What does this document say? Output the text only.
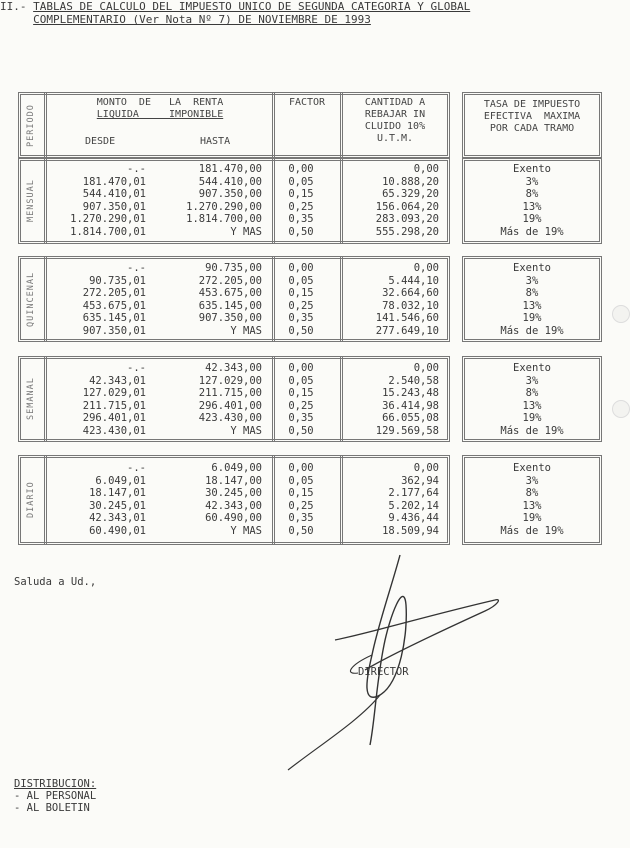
II.- TABLAS DE CALCULO DEL IMPUESTO UNICO DE SEGUNDA CATEGORIA Y GLOBAL
COMPLEMENTARIO (Ver Nota Nº 7) DE NOVIEMBRE DE 1993
PERIODO
MONTO  DE   LA  RENTA
LIQUIDA     IMPONIBLE
DESDE	HASTA
FACTOR	CANTIDAD A
REBAJAR IN
CLUIDO 10%
U.T.M.
TASA DE IMPUESTO
EFECTIVA  MAXIMA
POR CADA TRAMO
MENSUAL
-.-
181.470,01
544.410,01
907.350,01
1.270.290,01
1.814.700,01
181.470,00
544.410,00
907.350,00
1.270.290,00
1.814.700,00
Y MAS
0,00
0,05
0,15
0,25
0,35
0,50
0,00
10.888,20
65.329,20
156.064,20
283.093,20
555.298,20
Exento
3%
8%
13%
19%
Más de 19%
QUINCENAL
-.-
90.735,01
272.205,01
453.675,01
635.145,01
907.350,01
90.735,00
272.205,00
453.675,00
635.145,00
907.350,00
Y MAS
0,00
0,05
0,15
0,25
0,35
0,50
0,00
5.444,10
32.664,60
78.032,10
141.546,60
277.649,10
Exento
3%
8%
13%
19%
Más de 19%
SEMANAL
-.-
42.343,01
127.029,01
211.715,01
296.401,01
423.430,01
42.343,00
127.029,00
211.715,00
296.401,00
423.430,00
Y MAS
0,00
0,05
0,15
0,25
0,35
0,50
0,00
2.540,58
15.243,48
36.414,98
66.055,08
129.569,58
Exento
3%
8%
13%
19%
Más de 19%
DIARIO
-.-
6.049,01
18.147,01
30.245,01
42.343,01
60.490,01
6.049,00
18.147,00
30.245,00
42.343,00
60.490,00
Y MAS
0,00
0,05
0,15
0,25
0,35
0,50
0,00
362,94
2.177,64
5.202,14
9.436,44
18.509,94
Exento
3%
8%
13%
19%
Más de 19%
Saluda a Ud.,
DIRECTOR
DISTRIBUCION:
- AL PERSONAL
- AL BOLETIN
